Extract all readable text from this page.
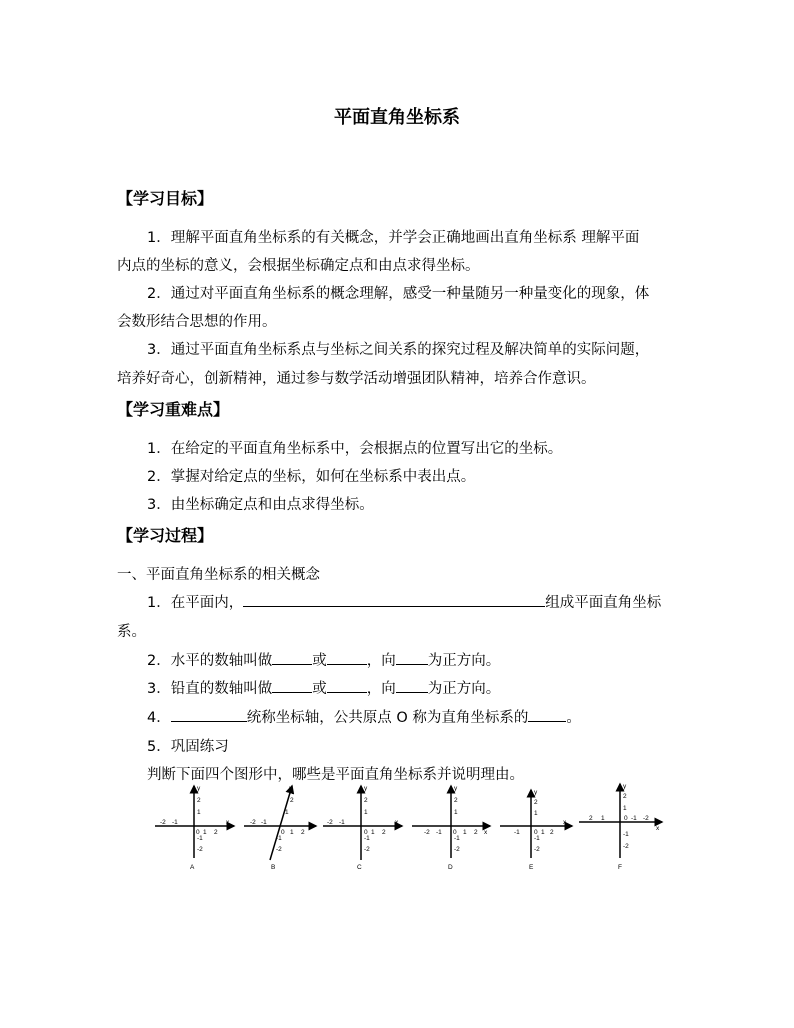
平面直角坐标系
【学习目标】
1．理解平面直角坐标系的有关概念，并学会正确地画出直角坐标系 理解平面
内点的坐标的意义，会根据坐标确定点和由点求得坐标。
2．通过对平面直角坐标系的概念理解，感受一种量随另一种量变化的现象，体
会数形结合思想的作用。
3．通过平面直角坐标系点与坐标之间关系的探究过程及解决简单的实际问题，
培养好奇心，创新精神，通过参与数学活动增强团队精神，培养合作意识。
【学习重难点】
1．在给定的平面直角坐标系中，会根据点的位置写出它的坐标。
2．掌握对给定点的坐标，如何在坐标系中表出点。
3．由坐标确定点和由点求得坐标。
【学习过程】
一、平面直角坐标系的相关概念
1．在平面内，	组成平面直角坐标
系。
2．水平的数轴叫做	或	，向 为正方向。
3．铅直的数轴叫做	或	，向 为正方向。
4．	统称坐标轴，公共原点 O 称为直角坐标系的	。
5．巩固练习
判断下面四个图形中，哪些是平面直角坐标系并说明理由。
-2 -1
0 1 2
x
y
2
1
-1
-2
A
-2 -1
0 1 2
y
2
1
-1
-2
B
-2 -1
0 1 2
x
y
2
1
-1
-2
C
-2 -1 0 1 2 x
y
2
1
-1
-2
D
-1 0 1 2
x
y
2
1
-1
-2
E
2 1	0 -1 -2
x
y
2
1
-1
-2
F
